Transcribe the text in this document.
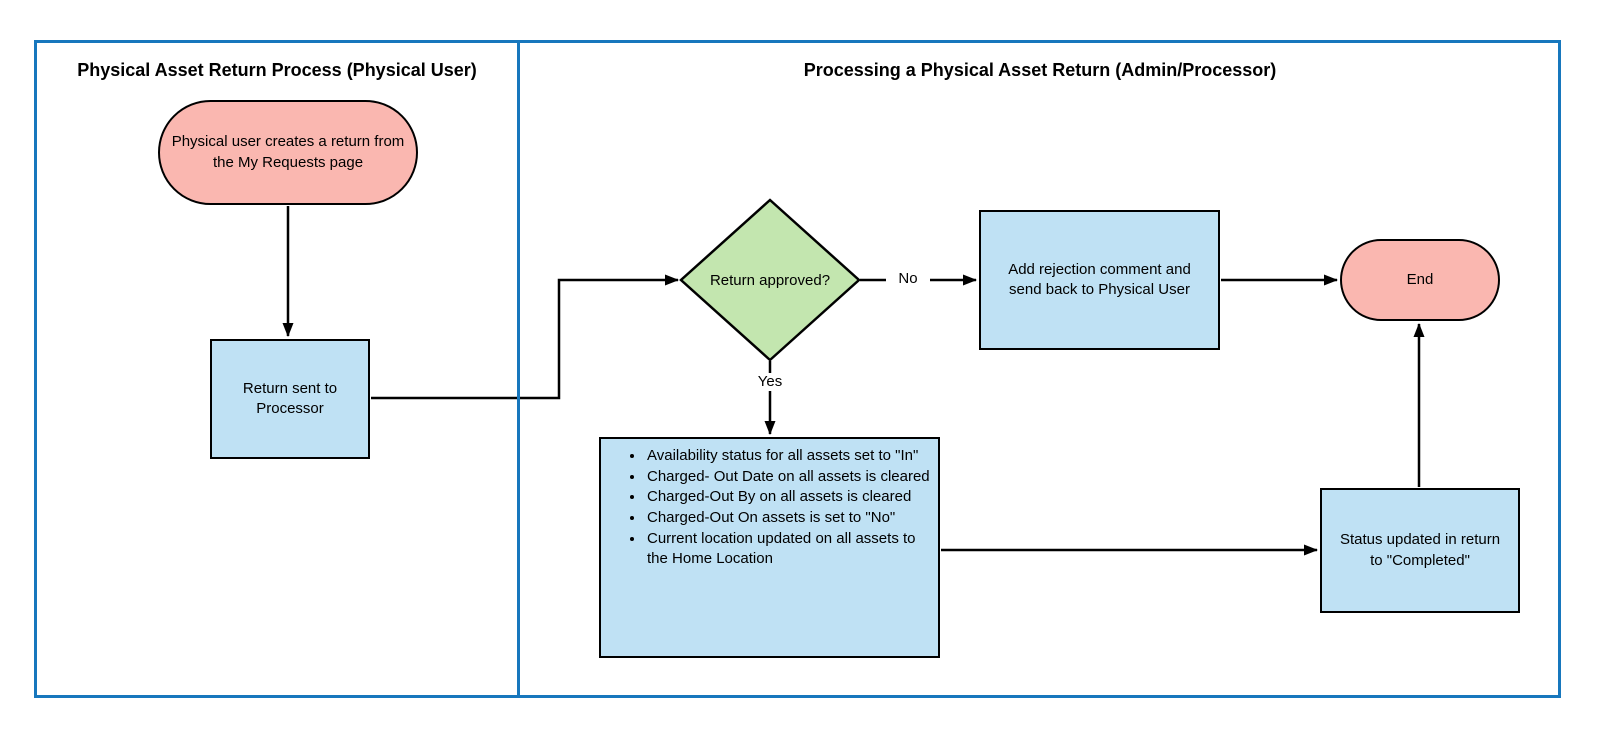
Physical Asset Return Process (Physical User)	Processing a Physical Asset Return (Admin/Processor)
Physical user creates a return from the My Requests page
Return sent to Processor
Return approved?
Add rejection comment and send back to Physical User
End
• Availability status for all assets set to "In"
• Charged- Out Date on all assets is cleared
• Charged-Out By on all assets is cleared
• Charged-Out On assets is set to "No"
• Current location updated on all assets to the Home Location
Status updated in return to "Completed"
No
Yes
